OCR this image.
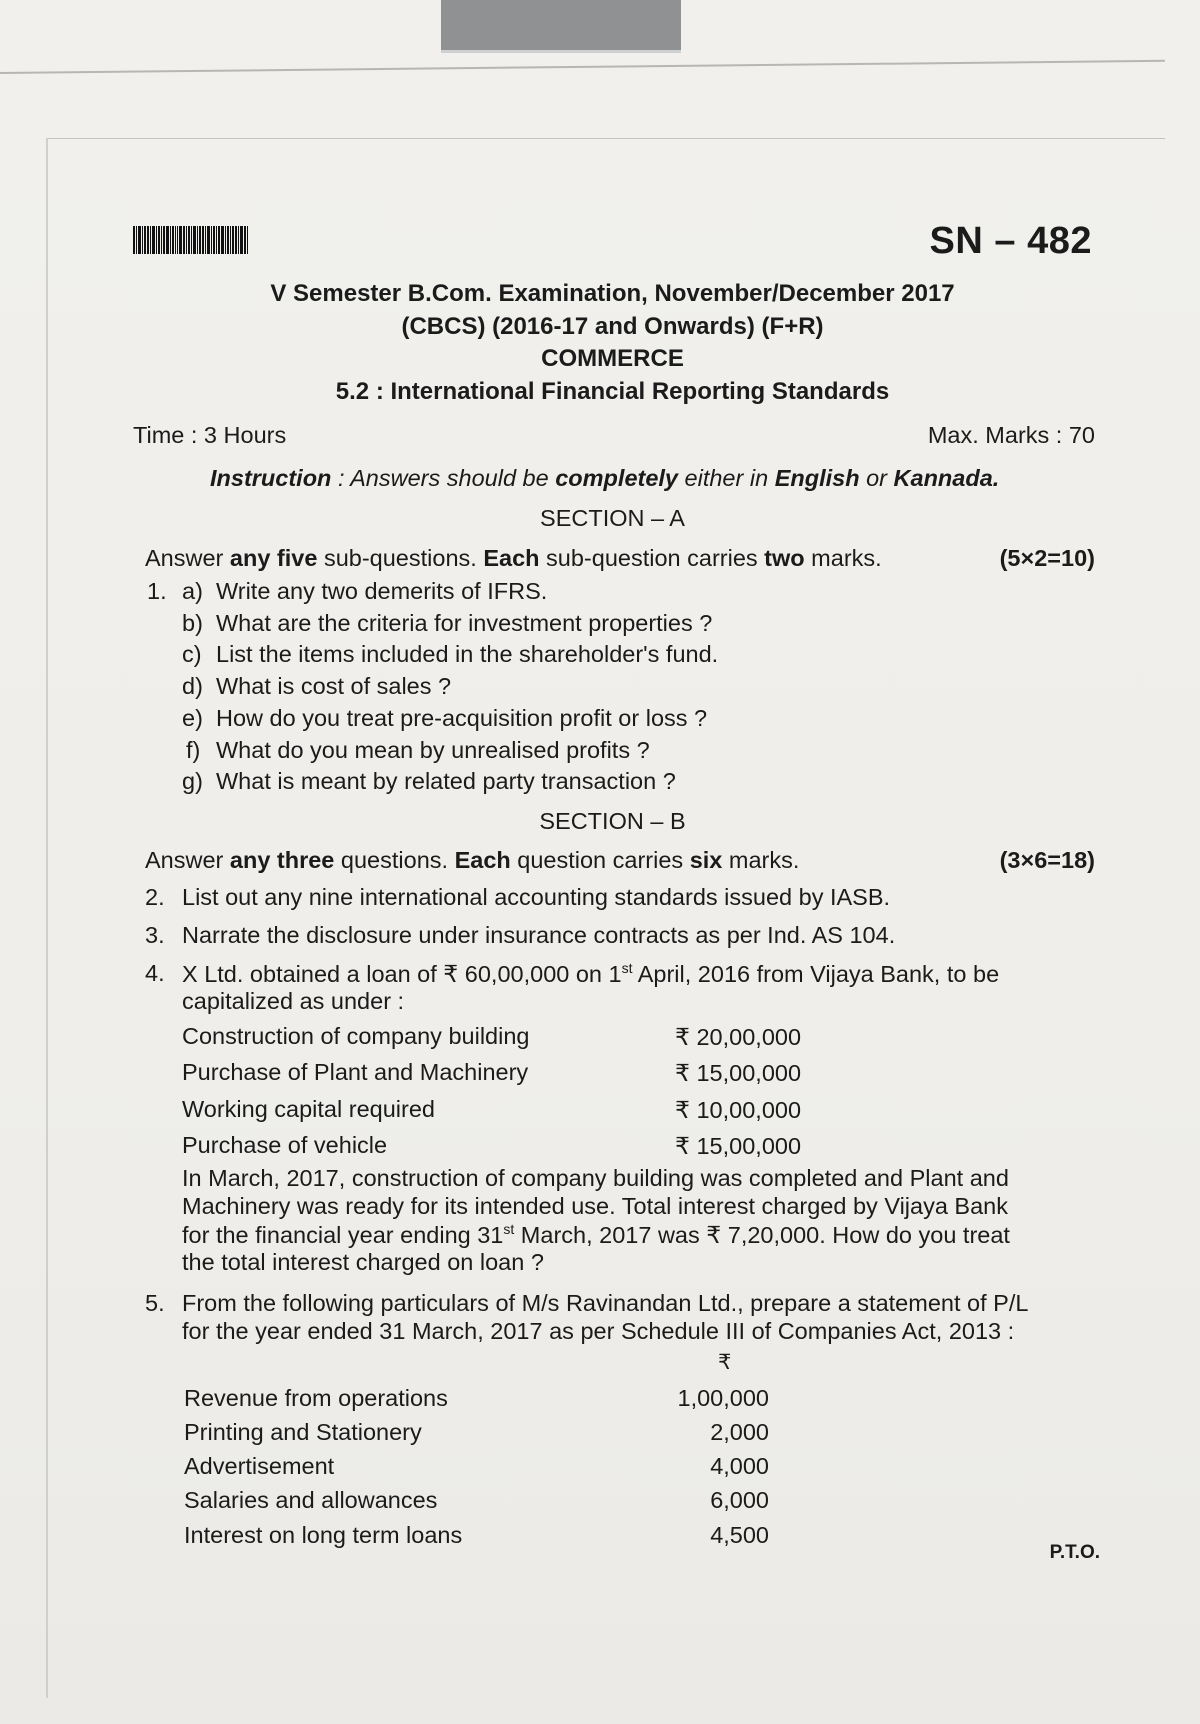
SN – 482
V Semester B.Com. Examination, November/December 2017
(CBCS) (2016-17 and Onwards) (F+R)
COMMERCE
5.2 : International Financial Reporting Standards
Time : 3 Hours	Max. Marks : 70
Instruction : Answers should be completely either in English or Kannada.
SECTION – A
Answer any five sub-questions. Each sub-question carries two marks.	(5×2=10)
1. a) Write any two demerits of IFRS.
b) What are the criteria for investment properties ?
c) List the items included in the shareholder's fund.
d) What is cost of sales ?
e) How do you treat pre-acquisition profit or loss ?
f) What do you mean by unrealised profits ?
g) What is meant by related party transaction ?
SECTION – B
Answer any three questions. Each question carries six marks.	(3×6=18)
2. List out any nine international accounting standards issued by IASB.
3. Narrate the disclosure under insurance contracts as per Ind. AS 104.
4. X Ltd. obtained a loan of ₹ 60,00,000 on 1st April, 2016 from Vijaya Bank, to be
capitalized as under :
Construction of company building	₹ 20,00,000
Purchase of Plant and Machinery	₹ 15,00,000
Working capital required	₹ 10,00,000
Purchase of vehicle	₹ 15,00,000
In March, 2017, construction of company building was completed and Plant and
Machinery was ready for its intended use. Total interest charged by Vijaya Bank
for the financial year ending 31st March, 2017 was ₹ 7,20,000. How do you treat
the total interest charged on loan ?
5. From the following particulars of M/s Ravinandan Ltd., prepare a statement of P/L
for the year ended 31 March, 2017 as per Schedule III of Companies Act, 2013 :
₹
Revenue from operations	1,00,000
Printing and Stationery	2,000
Advertisement	4,000
Salaries and allowances	6,000
Interest on long term loans	4,500
P.T.O.
